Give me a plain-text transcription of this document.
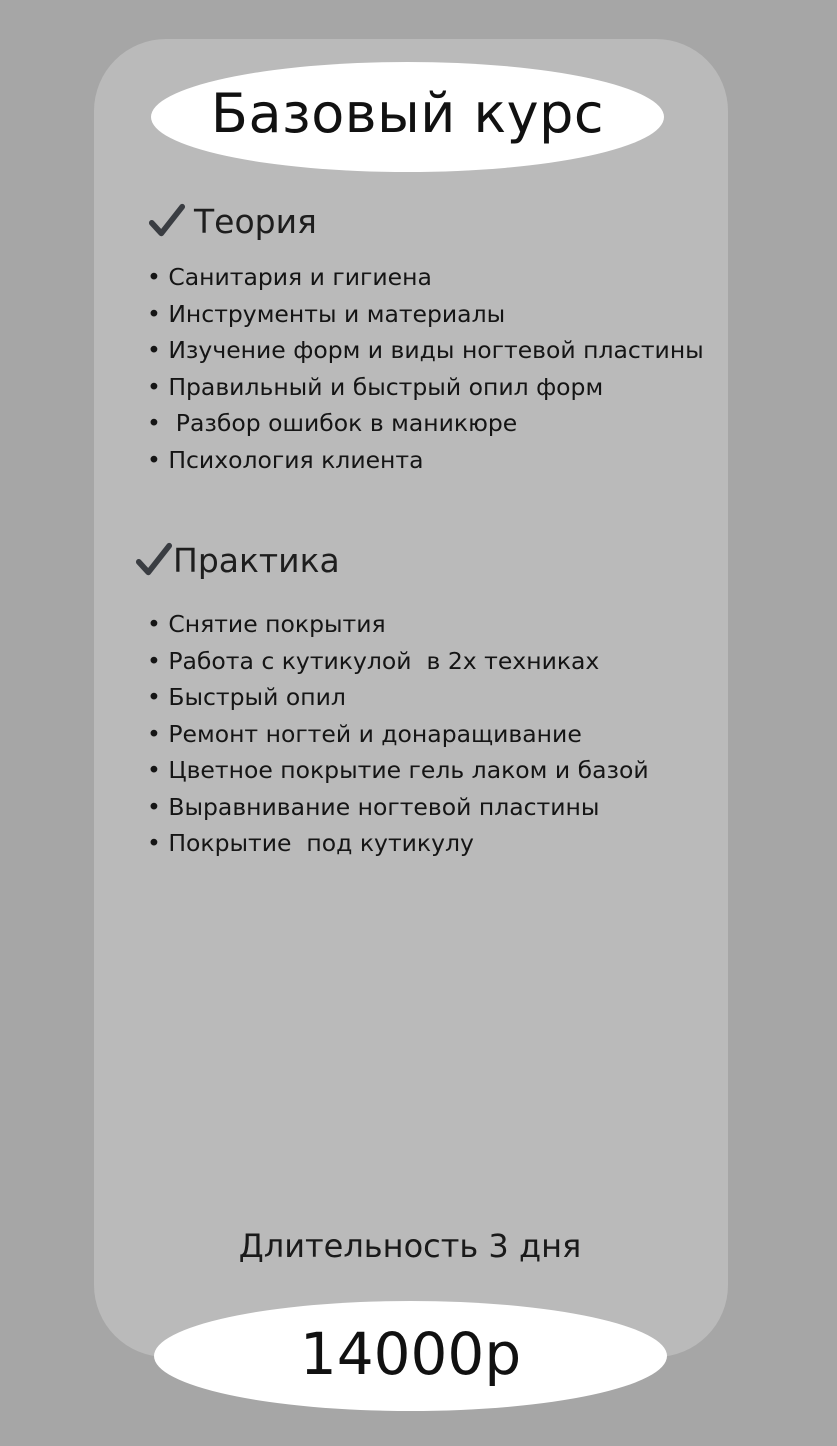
Базовый курс
Теория
• Санитария и гигиена
• Инструменты и материалы
• Изучение форм и виды ногтевой пластины
• Правильный и быстрый опил форм
•  Разбор ошибок в маникюре
• Психология клиента
Практика
• Снятие покрытия
• Работа с кутикулой  в 2х техниках
• Быстрый опил
• Ремонт ногтей и донаращивание
• Цветное покрытие гель лаком и базой
• Выравнивание ногтевой пластины
• Покрытие  под кутикулу
Длительность 3 дня
14000р
